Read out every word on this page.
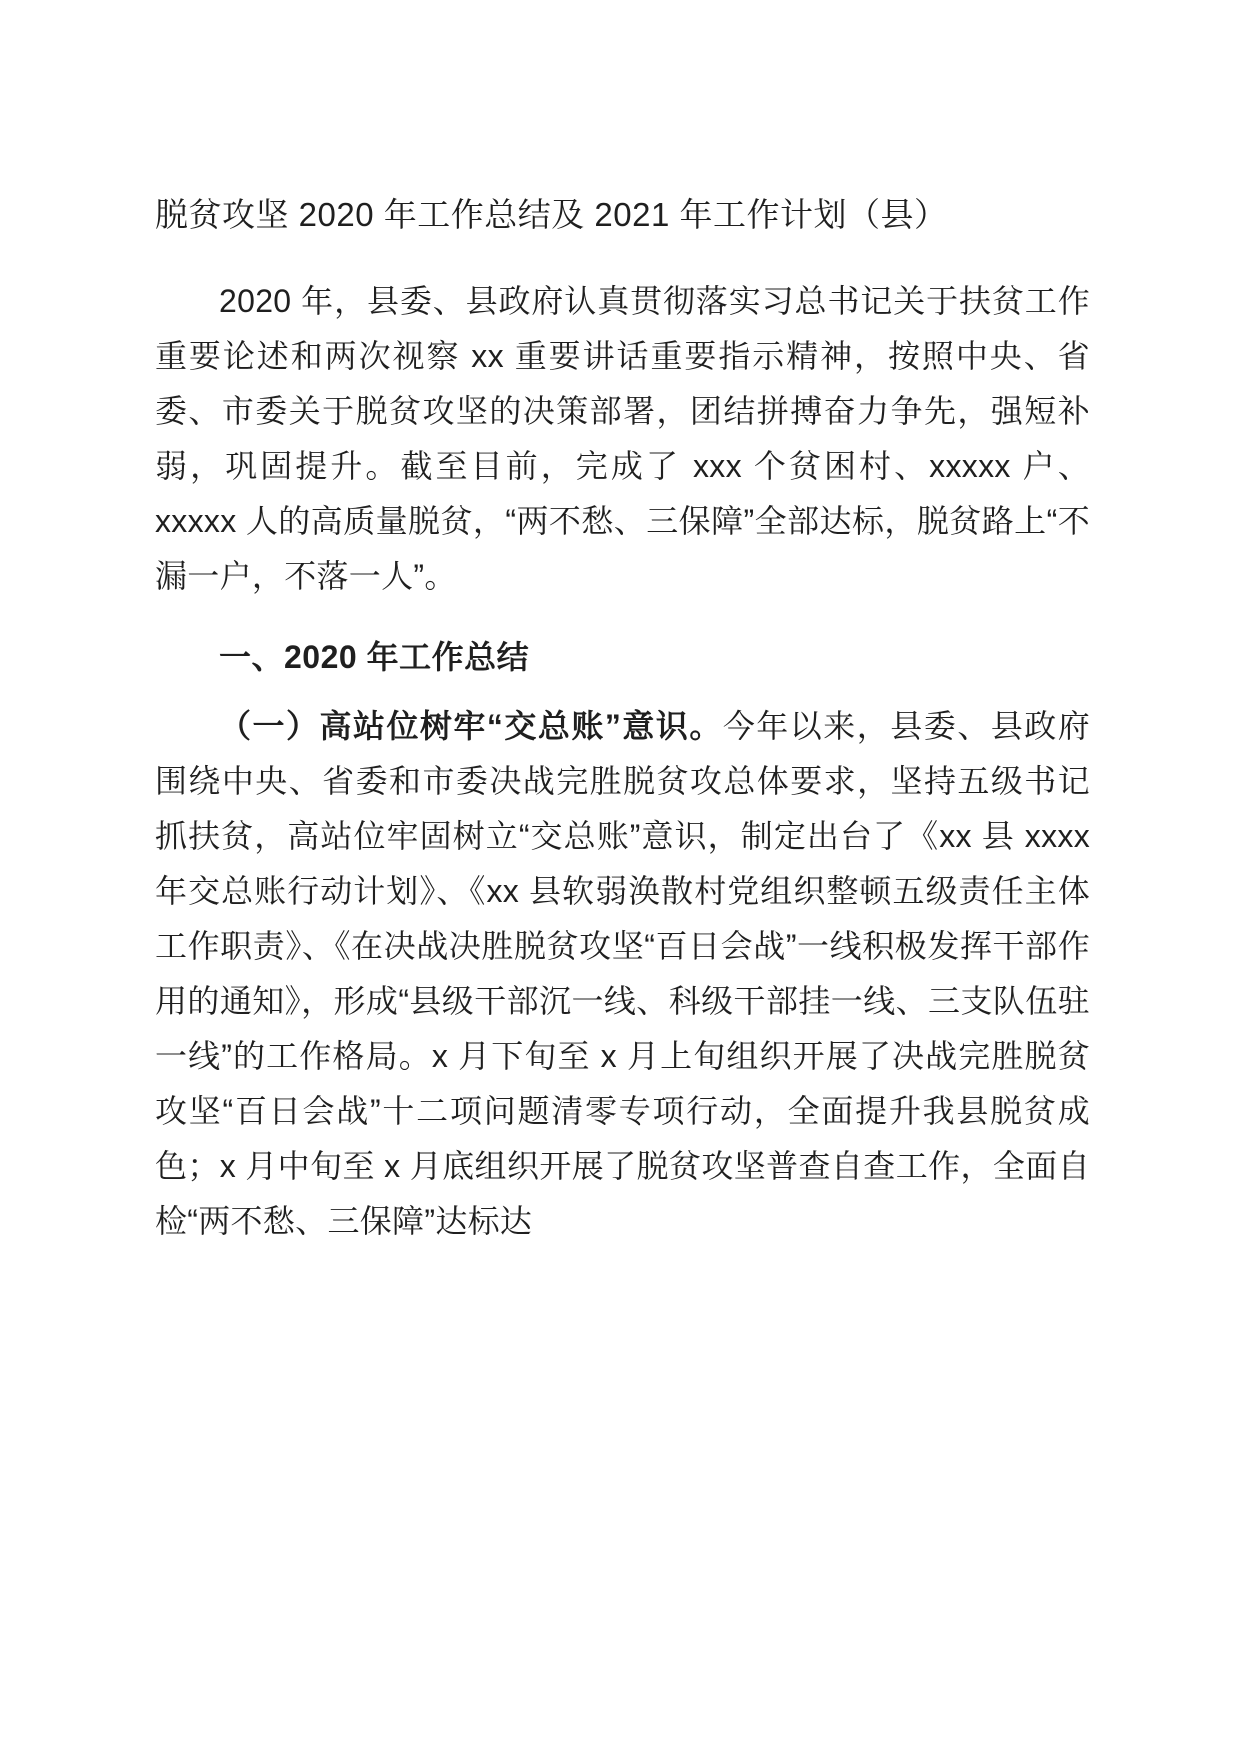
脱贫攻坚 2020 年工作总结及 2021 年工作计划（县）

2020 年，县委、县政府认真贯彻落实习总书记关于扶贫工作重要论述和两次视察 xx 重要讲话重要指示精神，按照中央、省委、市委关于脱贫攻坚的决策部署，团结拼搏奋力争先，强短补弱，巩固提升。截至目前，完成了 xxx 个贫困村、xxxxx 户、xxxxx 人的高质量脱贫，“两不愁、三保障”全部达标，脱贫路上“不漏一户，不落一人”。

一、2020 年工作总结

（一）高站位树牢“交总账”意识。今年以来，县委、县政府围绕中央、省委和市委决战完胜脱贫攻总体要求，坚持五级书记抓扶贫，高站位牢固树立“交总账”意识，制定出台了《xx 县 xxxx 年交总账行动计划》、《xx 县软弱涣散村党组织整顿五级责任主体工作职责》、《在决战决胜脱贫攻坚“百日会战”一线积极发挥干部作用的通知》，形成“县级干部沉一线、科级干部挂一线、三支队伍驻一线”的工作格局。x 月下旬至 x 月上旬组织开展了决战完胜脱贫攻坚“百日会战”十二项问题清零专项行动，全面提升我县脱贫成色；x 月中旬至 x 月底组织开展了脱贫攻坚普查自查工作，全面自检“两不愁、三保障”达标达
